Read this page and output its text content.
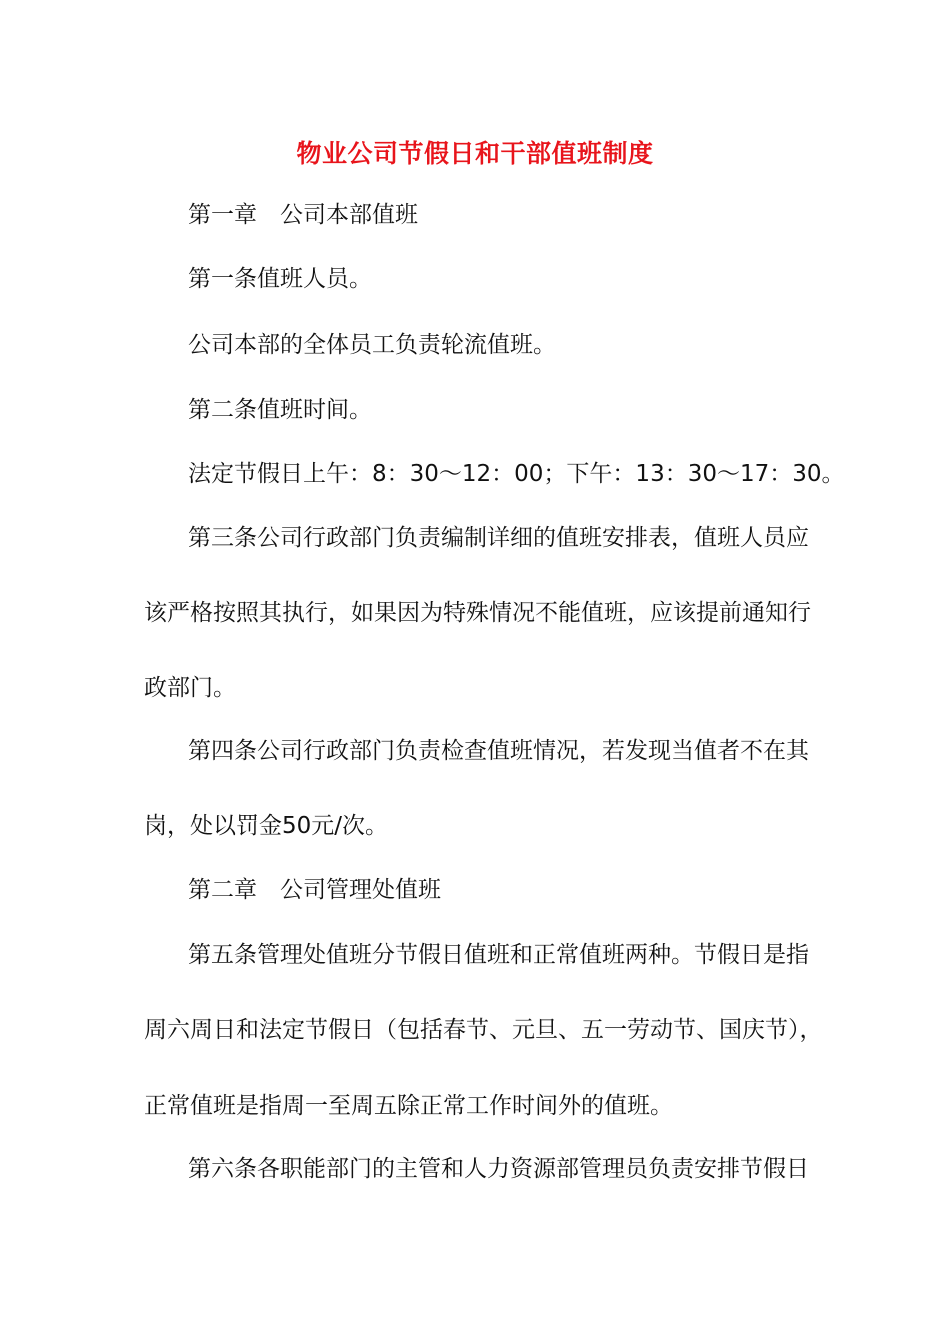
物业公司节假日和干部值班制度

第一章　公司本部值班

第一条值班人员。

公司本部的全体员工负责轮流值班。

第二条值班时间。

法定节假日上午：8：30～12：00；下午：13：30～17：30。

第三条公司行政部门负责编制详细的值班安排表，值班人员应

该严格按照其执行，如果因为特殊情况不能值班，应该提前通知行

政部门。

第四条公司行政部门负责检查值班情况，若发现当值者不在其

岗，处以罚金50元/次。

第二章　公司管理处值班

第五条管理处值班分节假日值班和正常值班两种。节假日是指

周六周日和法定节假日（包括春节、元旦、五一劳动节、国庆节），

正常值班是指周一至周五除正常工作时间外的值班。

第六条各职能部门的主管和人力资源部管理员负责安排节假日
